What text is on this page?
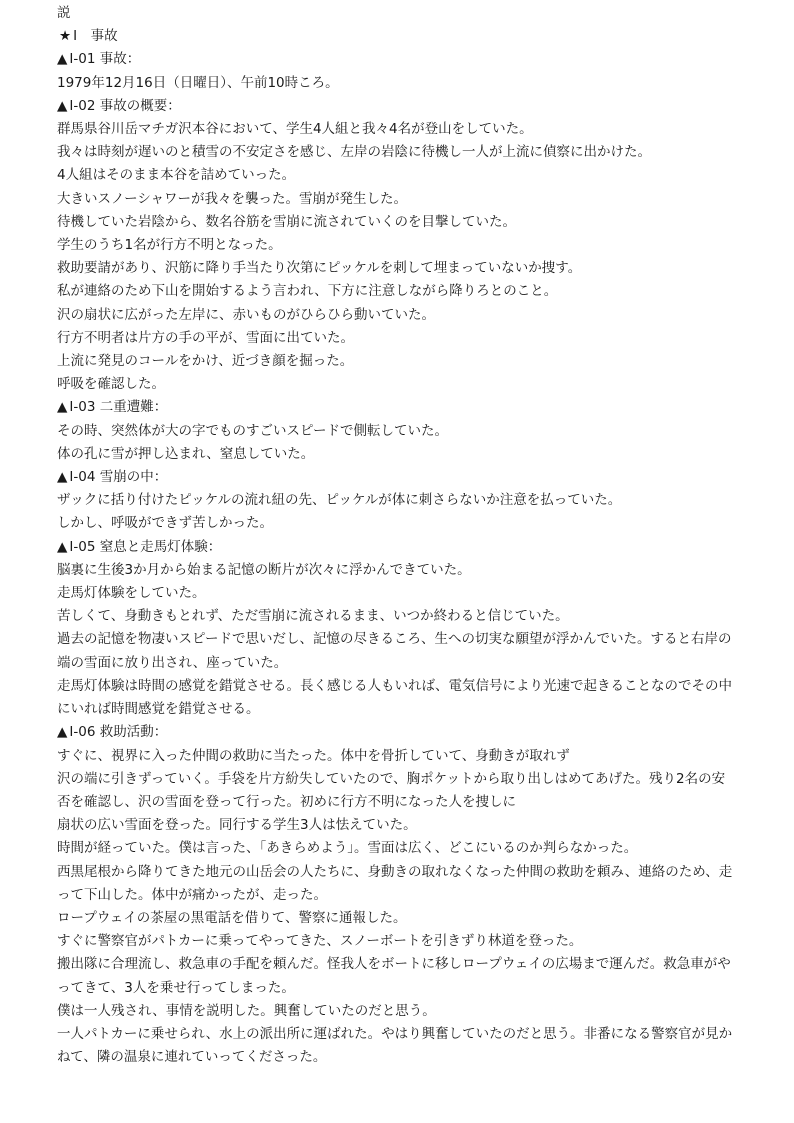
説
★ Ⅰ　事故
▲ Ⅰ-01 事故：
1979年12月16日（日曜日）、午前10時ころ。
▲ Ⅰ-02 事故の概要：
群馬県谷川岳マチガ沢本谷において、学生4人組と我々4名が登山をしていた。
我々は時刻が遅いのと積雪の不安定さを感じ、左岸の岩陰に待機し一人が上流に偵察に出かけた。
4人組はそのまま本谷を詰めていった。
大きいスノーシャワーが我々を襲った。雪崩が発生した。
待機していた岩陰から、数名谷筋を雪崩に流されていくのを目撃していた。
学生のうち1名が行方不明となった。
救助要請があり、沢筋に降り手当たり次第にピッケルを刺して埋まっていないか捜す。
私が連絡のため下山を開始するよう言われ、下方に注意しながら降りろとのこと。
沢の扇状に広がった左岸に、赤いものがひらひら動いていた。
行方不明者は片方の手の平が、雪面に出ていた。
上流に発見のコールをかけ、近づき顔を掘った。
呼吸を確認した。
▲ Ⅰ-03 二重遭難：
その時、突然体が大の字でものすごいスピードで側転していた。
体の孔に雪が押し込まれ、窒息していた。
▲ Ⅰ-04 雪崩の中：
ザックに括り付けたピッケルの流れ紐の先、ピッケルが体に刺さらないか注意を払っていた。
しかし、呼吸ができず苦しかった。
▲ Ⅰ-05 窒息と走馬灯体験：
脳裏に生後3か月から始まる記憶の断片が次々に浮かんできていた。
走馬灯体験をしていた。
苦しくて、身動きもとれず、ただ雪崩に流されるまま、いつか終わると信じていた。
過去の記憶を物凄いスピードで思いだし、記憶の尽きるころ、生への切実な願望が浮かんでいた。すると右岸の
端の雪面に放り出され、座っていた。
走馬灯体験は時間の感覚を錯覚させる。長く感じる人もいれば、電気信号により光速で起きることなのでその中
にいれば時間感覚を錯覚させる。
▲ Ⅰ-06 救助活動：
すぐに、視界に入った仲間の救助に当たった。体中を骨折していて、身動きが取れず
沢の端に引きずっていく。手袋を片方紛失していたので、胸ポケットから取り出しはめてあげた。残り2名の安
否を確認し、沢の雪面を登って行った。初めに行方不明になった人を捜しに
扇状の広い雪面を登った。同行する学生3人は怯えていた。
時間が経っていた。僕は言った、「あきらめよう」。雪面は広く、どこにいるのか判らなかった。
西黒尾根から降りてきた地元の山岳会の人たちに、身動きの取れなくなった仲間の救助を頼み、連絡のため、走
って下山した。体中が痛かったが、走った。
ロープウェイの茶屋の黒電話を借りて、警察に通報した。
すぐに警察官がパトカーに乗ってやってきた、スノーボートを引きずり林道を登った。
搬出隊に合理流し、救急車の手配を頼んだ。怪我人をボートに移しロープウェイの広場まで運んだ。救急車がや
ってきて、3人を乗せ行ってしまった。
僕は一人残され、事情を説明した。興奮していたのだと思う。
一人パトカーに乗せられ、水上の派出所に運ばれた。やはり興奮していたのだと思う。非番になる警察官が見か
ねて、隣の温泉に連れていってくださった。
